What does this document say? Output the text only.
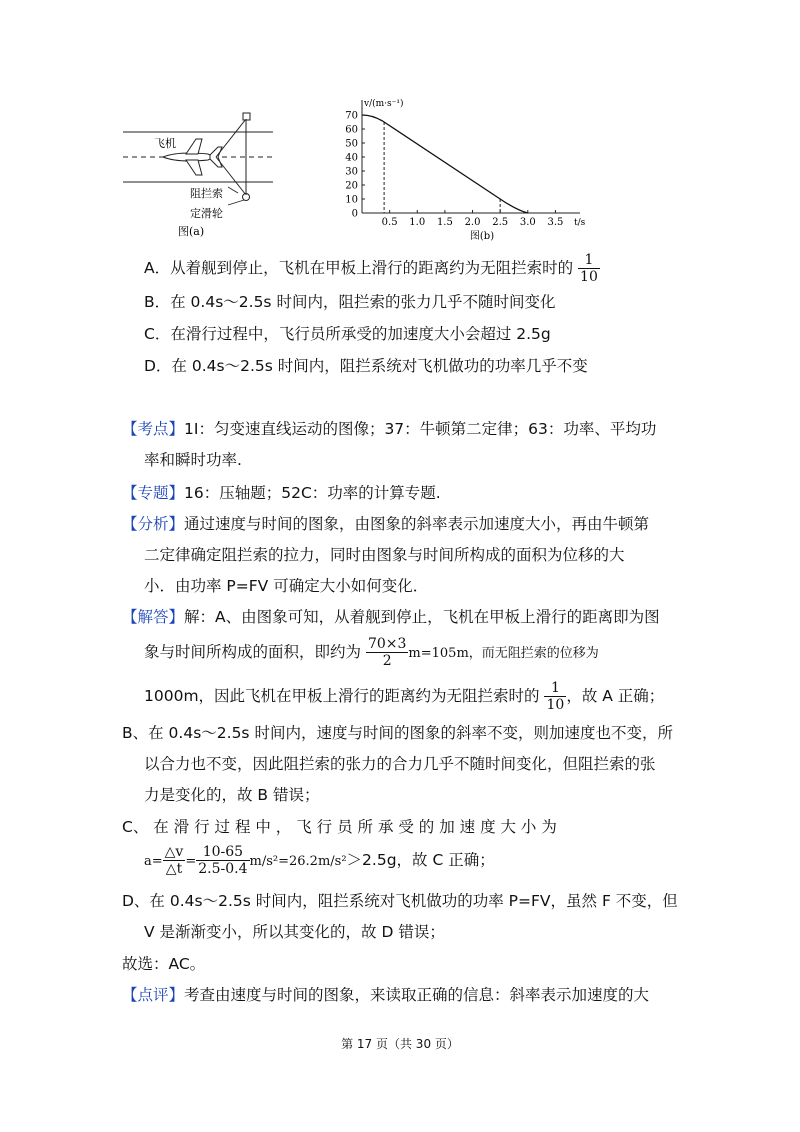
飞机
阻拦索
定滑轮
图(a)
0
10
20
30
40
50
60
70
0.5 1.0 1.5 2.0 2.5 3.0 3.5
v/(m·s⁻¹)
t/s
图(b)
A．从着舰到停止，飞机在甲板上滑行的距离约为无阻拦索时的 $\frac{1}{10}$
B．在 0.4s～2.5s 时间内，阻拦索的张力几乎不随时间变化
C．在滑行过程中，飞行员所承受的加速度大小会超过 2.5g
D．在 0.4s～2.5s 时间内，阻拦系统对飞机做功的功率几乎不变
【考点】1I：匀变速直线运动的图像；37：牛顿第二定律；63：功率、平均功
率和瞬时功率.
【专题】16：压轴题；52C：功率的计算专题.
【分析】通过速度与时间的图象，由图象的斜率表示加速度大小，再由牛顿第
二定律确定阻拦索的拉力，同时由图象与时间所构成的面积为位移的大
小．由功率 P=FV 可确定大小如何变化．
【解答】解：A、由图象可知，从着舰到停止，飞机在甲板上滑行的距离即为图
象与时间所构成的面积，即约为 $\frac{70\times 3}{2} m=105m$，而无阻拦索的位移为
1000m，因此飞机在甲板上滑行的距离约为无阻拦索时的 $\frac{1}{10}$ ，故 A 正确；
B、在 0.4s～2.5s 时间内，速度与时间的图象的斜率不变，则加速度也不变，所
以合力也不变，因此阻拦索的张力的合力几乎不随时间变化，但阻拦索的张
力是变化的，故 B 错误；
C、 在 滑 行 过 程 中 ， 飞 行 员 所 承 受 的 加 速 度 大 小 为
$a= \frac{\triangle v}{\triangle t} = \frac{10-65}{2.5-0.4} m/s^2=26.2m/s^2>2.5g$，故 C 正确；
D、在 0.4s～2.5s 时间内，阻拦系统对飞机做功的功率 P=FV，虽然 F 不变，但
V 是渐渐变小，所以其变化的，故 D 错误；
故选：AC。
【点评】考查由速度与时间的图象，来读取正确的信息：斜率表示加速度的大
第 17 页（共 30 页）
